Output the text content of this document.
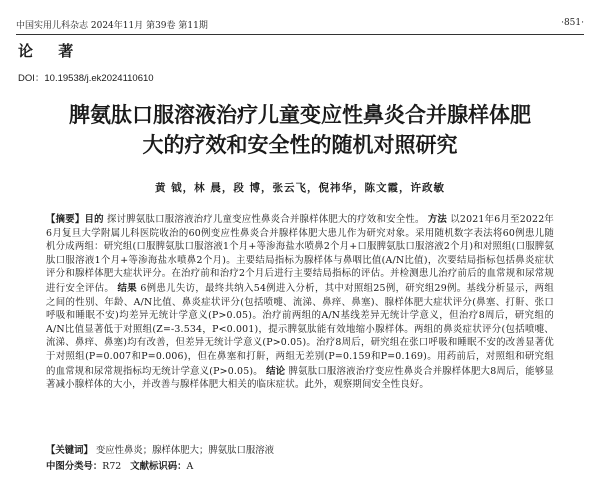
中国实用儿科杂志 2024年11月 第39卷 第11期	·851·
论 著
DOI：10.19538/j.ek2024110610
脾氨肽口服溶液治疗儿童变应性鼻炎合并腺样体肥
大的疗效和安全性的随机对照研究
黄 钺，林 晨，段 博，张云飞，倪祎华，陈文霞，许政敏
【摘要】目的 探讨脾氨肽口服溶液治疗儿童变应性鼻炎合并腺样体肥大的疗效和安全性。 方法 以2021年6月至2022年6月复旦大学附属儿科医院收治的60例变应性鼻炎合并腺样体肥大患儿作为研究对象。采用随机数字表法将60例患儿随机分成两组：研究组(口服脾氨肽口服溶液1个月+等渗海盐水喷鼻2个月+口服脾氨肽口服溶液2个月)和对照组(口服脾氨肽口服溶液1个月+等渗海盐水喷鼻2个月)。主要结局指标为腺样体与鼻咽比值(A/N比值)，次要结局指标包括鼻炎症状评分和腺样体肥大症状评分。在治疗前和治疗2个月后进行主要结局指标的评估。并检测患儿治疗前后的血常规和尿常规进行安全评估。 结果 6例患儿失访，最终共纳入54例进入分析，其中对照组25例，研究组29例。基线分析显示，两组之间的性别、年龄、A/N比值、鼻炎症状评分(包括喷嚏、流涕、鼻痒、鼻塞)、腺样体肥大症状评分(鼻塞、打鼾、张口呼吸和睡眠不安)均差异无统计学意义(P>0.05)。治疗前两组的A/N基线差异无统计学意义，但治疗8周后，研究组的A/N比值显著低于对照组(Z=-3.534，P<0.001)，提示脾氨肽能有效地缩小腺样体。两组的鼻炎症状评分(包括喷嚏、流涕、鼻痒、鼻塞)均有改善，但差异无统计学意义(P>0.05)。治疗8周后，研究组在张口呼吸和睡眠不安的改善显著优于对照组(P=0.007和P=0.006)，但在鼻塞和打鼾，两组无差别(P=0.159和P=0.169)。用药前后，对照组和研究组的血常规和尿常规指标均无统计学意义(P>0.05)。 结论 脾氨肽口服溶液治疗变应性鼻炎合并腺样体肥大8周后，能够显著减小腺样体的大小，并改善与腺样体肥大相关的临床症状。此外，观察期间安全性良好。
【关键词】 变应性鼻炎；腺样体肥大；脾氨肽口服溶液
中图分类号：R72 文献标识码：A
